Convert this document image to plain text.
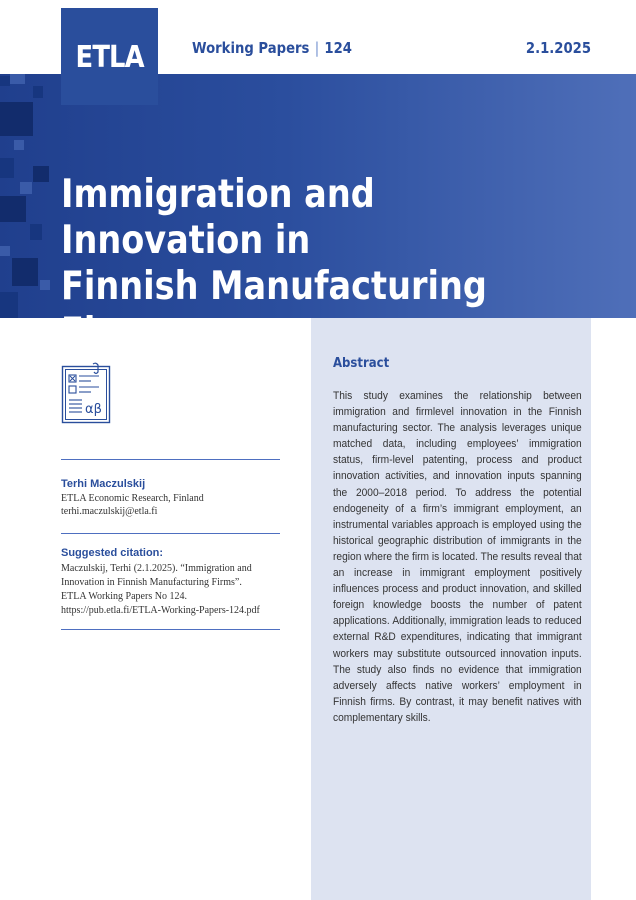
Working Papers | 124	2.1.2025
ETLA
Immigration and Innovation in
Finnish Manufacturing Firms
Abstract
This study examines the relationship between immigration and firmlevel innovation in the Finnish manufacturing sector. The analysis leverages unique matched data, including employees’ immigration status, firm-level patenting, process and product innovation activities, and innovation inputs spanning the 2000–2018 period. To address the potential endogeneity of a firm’s immigrant employment, an instrumental variables approach is employed using the historical geographic distribution of immigrants in the region where the firm is located. The results reveal that an increase in immigrant employment positively influences process and product innovation, and skilled foreign knowledge boosts the number of patent applications. Additionally, immigration leads to reduced external R&D expenditures, indicating that immigrant workers may substitute outsourced innovation inputs. The study also finds no evidence that immigration adversely affects native workers’ employment in Finnish firms. By contrast, it may benefit natives with complementary skills.
αβ
Terhi Maczulskij
ETLA Economic Research, Finland
terhi.maczulskij@etla.fi
Suggested citation:
Maczulskij, Terhi (2.1.2025). “Immigration and
Innovation in Finnish Manufacturing Firms”.
ETLA Working Papers No 124.
https://pub.etla.fi/ETLA-Working-Papers-124.pdf
